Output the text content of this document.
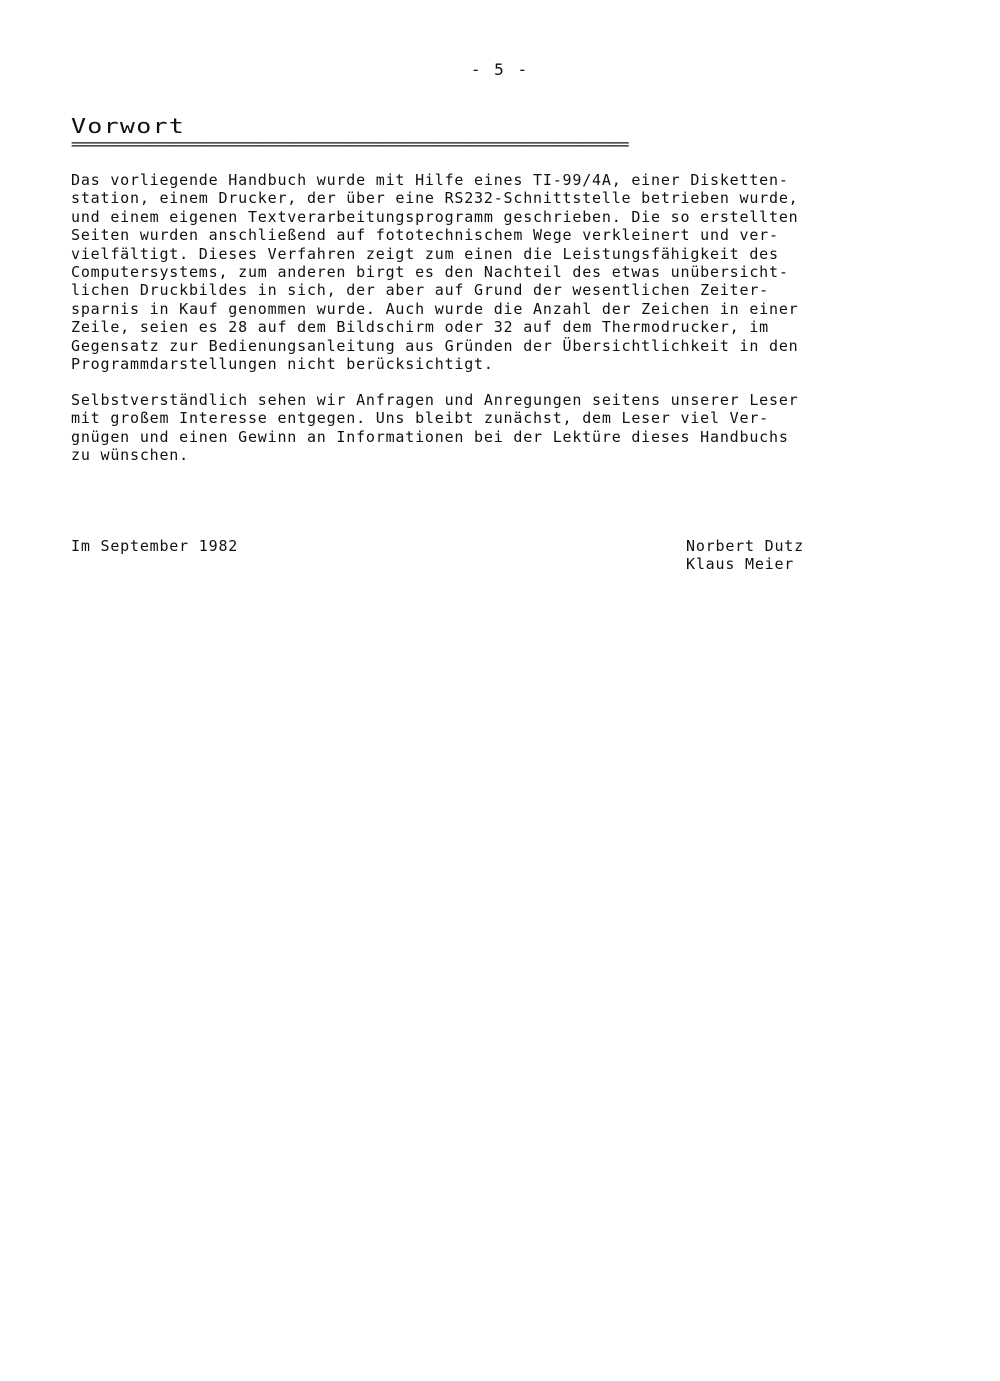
- 5 -
Vorwort
=========================================================================

Das vorliegende Handbuch wurde mit Hilfe eines TI-99/4A, einer Disketten-
station, einem Drucker, der über eine RS232-Schnittstelle betrieben wurde,
und einem eigenen Textverarbeitungsprogramm geschrieben. Die so erstellten
Seiten wurden anschließend auf fototechnischem Wege verkleinert und ver-
vielfältigt. Dieses Verfahren zeigt zum einen die Leistungsfähigkeit des
Computersystems, zum anderen birgt es den Nachteil des etwas unübersicht-
lichen Druckbildes in sich, der aber auf Grund der wesentlichen Zeiter-
sparnis in Kauf genommen wurde. Auch wurde die Anzahl der Zeichen in einer
Zeile, seien es 28 auf dem Bildschirm oder 32 auf dem Thermodrucker, im
Gegensatz zur Bedienungsanleitung aus Gründen der Übersichtlichkeit in den
Programmdarstellungen nicht berücksichtigt.

Selbstverständlich sehen wir Anfragen und Anregungen seitens unserer Leser
mit großem Interesse entgegen. Uns bleibt zunächst, dem Leser viel Ver-
gnügen und einen Gewinn an Informationen bei der Lektüre dieses Handbuchs
zu wünschen.

Im September 1982	Norbert Dutz
Klaus Meier
